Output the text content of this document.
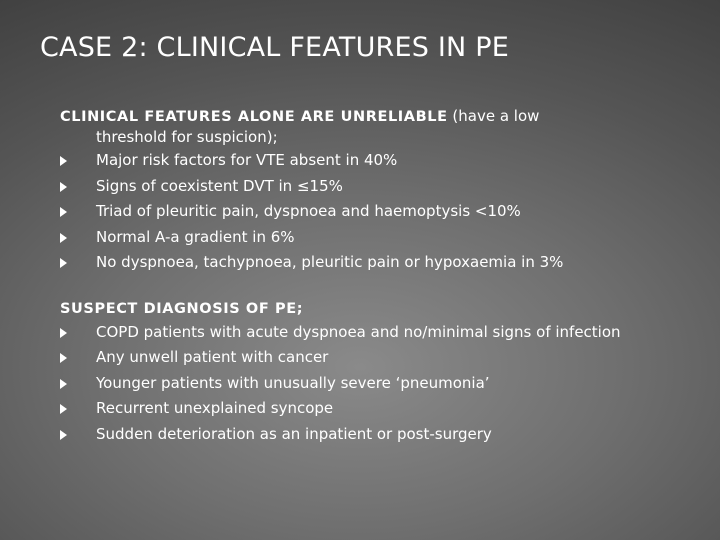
CASE 2: CLINICAL FEATURES IN PE
CLINICAL FEATURES ALONE ARE UNRELIABLE (have a low
threshold for suspicion);
Major risk factors for VTE absent in 40%
Signs of coexistent DVT in ≤15%
Triad of pleuritic pain, dyspnoea and haemoptysis <10%
Normal A-a gradient in 6%
No dyspnoea, tachypnoea, pleuritic pain or hypoxaemia in 3%
SUSPECT DIAGNOSIS OF PE;
COPD patients with acute dyspnoea and no/minimal signs of infection
Any unwell patient with cancer
Younger patients with unusually severe ‘pneumonia’
Recurrent unexplained syncope
Sudden deterioration as an inpatient or post-surgery
